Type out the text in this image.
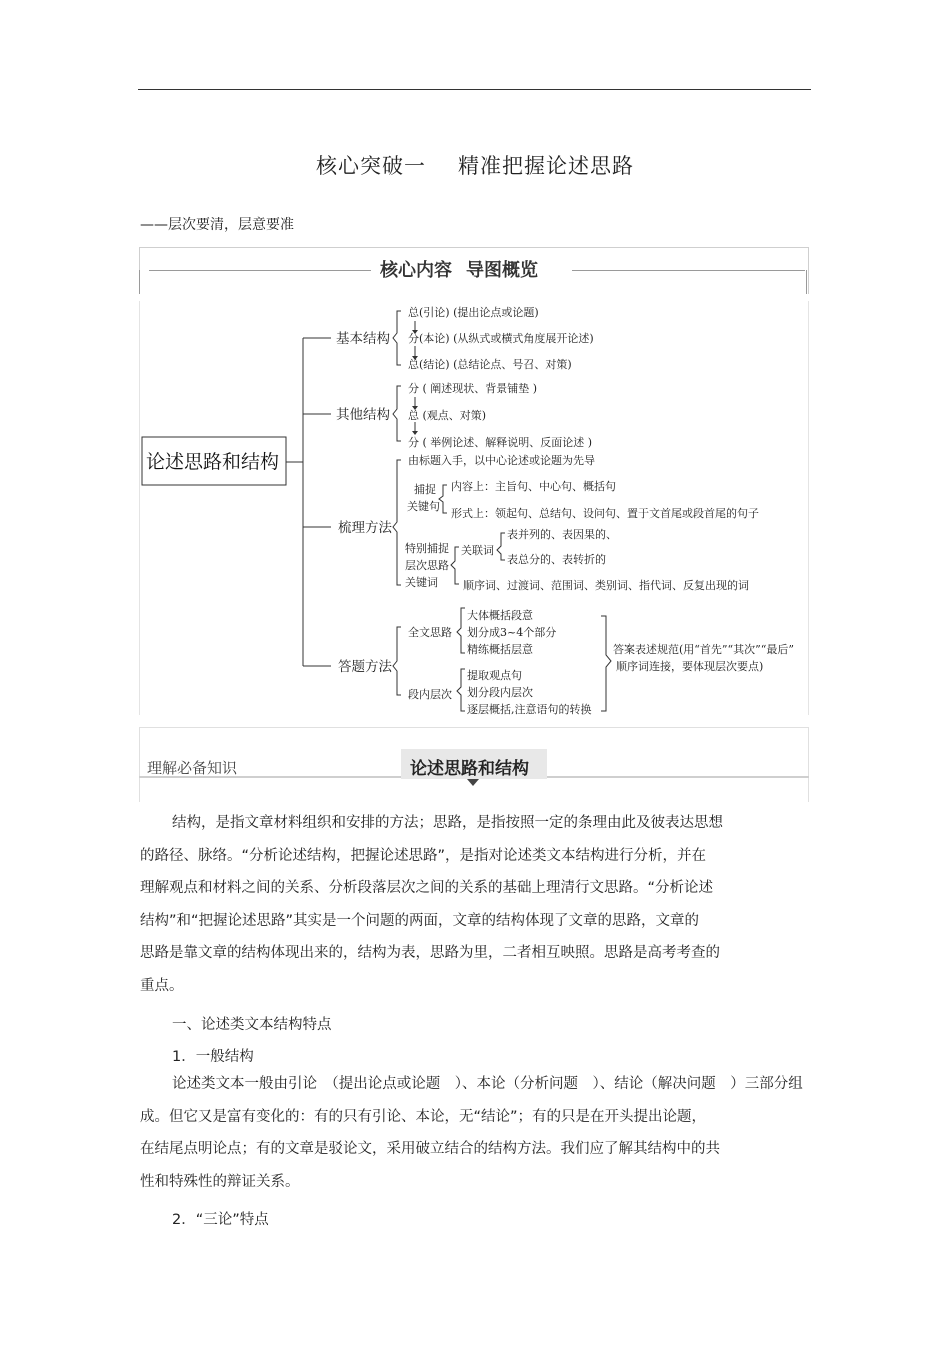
核心突破一 精准把握论述思路
——层次要清，层意要准
核心内容 导图概览
论述思路和结构
基本结构
总(引论) (提出论点或论题)
分(本论) (从纵式或横式角度展开论述)
总(结论) (总结论点、号召、对策)
其他结构
分 ( 阐述现状、背景铺垫 )
总 (观点、对策)
分 ( 举例论述、解释说明、反面论述 )
梳理方法
由标题入手，以中心论述或论题为先导
捕捉
关键句
内容上：主旨句、中心句、概括句
形式上：领起句、总结句、设问句、置于文首尾或段首尾的句子
特别捕捉
层次思路
关键词
关联词
表并列的、表因果的、
表总分的、表转折的
顺序词、过渡词、范围词、类别词、指代词、反复出现的词
答题方法
全文思路
大体概括段意
划分成3~4个部分
精练概括层意
段内层次
提取观点句
划分段内层次
逐层概括,注意语句的转换
答案表述规范(用“首先”“其次”“最后”
顺序词连接，要体现层次要点)
理解必备知识	论述思路和结构
结构，是指文章材料组织和安排的方法；思路，是指按照一定的条理由此及彼表达思想
的路径、脉络。“分析论述结构，把握论述思路”，是指对论述类文本结构进行分析，并在
理解观点和材料之间的关系、分析段落层次之间的关系的基础上理清行文思路。“分析论述
结构”和“把握论述思路”其实是一个问题的两面，文章的结构体现了文章的思路，文章的
思路是靠文章的结构体现出来的，结构为表，思路为里，二者相互映照。思路是高考考查的
重点。
一、论述类文本结构特点
1．一般结构
论述类文本一般由引论　（提出论点或论题　）、本论（分析问题　）、结论（解决问题　）三部分组
成。但它又是富有变化的：有的只有引论、本论，无“结论”；有的只是在开头提出论题，
在结尾点明论点；有的文章是驳论文，采用破立结合的结构方法。我们应了解其结构中的共
性和特殊性的辩证关系。
2．“三论”特点
